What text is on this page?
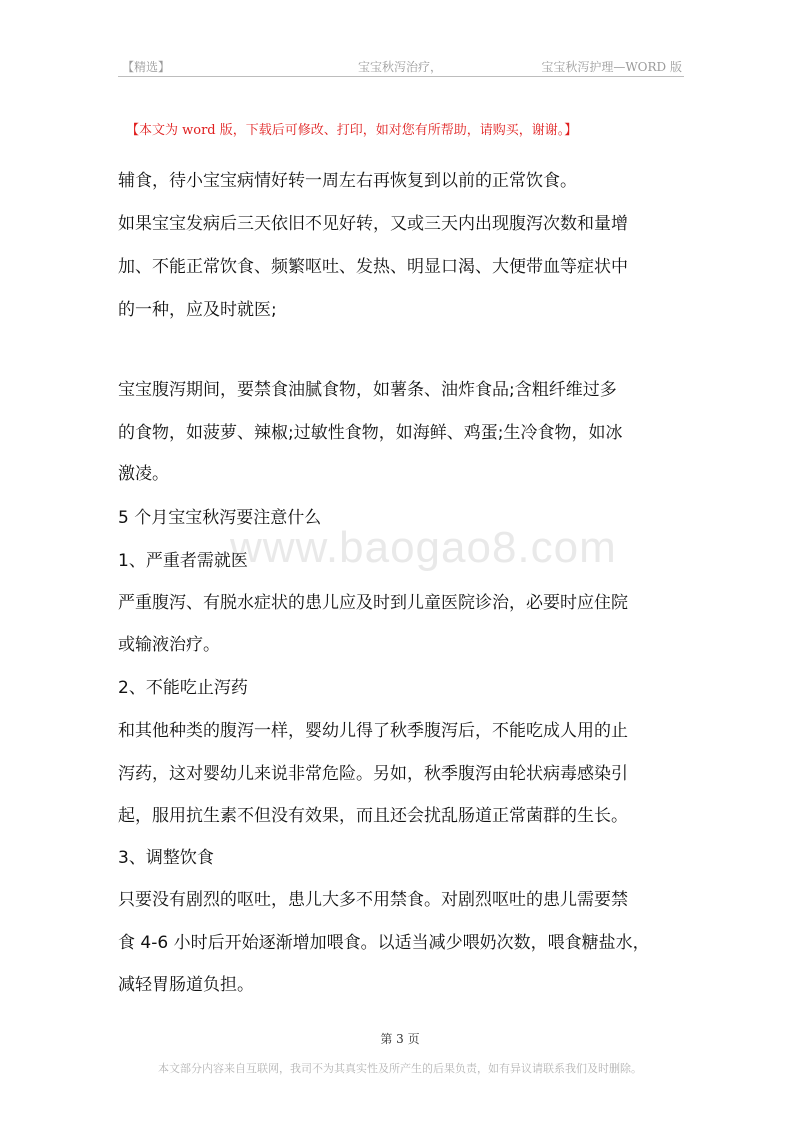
【精选】	宝宝秋泻治疗，	宝宝秋泻护理—WORD 版
【本文为 word 版，下载后可修改、打印，如对您有所帮助，请购买，谢谢。】
www.baogao8.com
辅食，待小宝宝病情好转一周左右再恢复到以前的正常饮食。
如果宝宝发病后三天依旧不见好转，又或三天内出现腹泻次数和量增
加、不能正常饮食、频繁呕吐、发热、明显口渴、大便带血等症状中
的一种，应及时就医;
宝宝腹泻期间，要禁食油腻食物，如薯条、油炸食品;含粗纤维过多
的食物，如菠萝、辣椒;过敏性食物，如海鲜、鸡蛋;生冷食物，如冰
激凌。
5 个月宝宝秋泻要注意什么
1、严重者需就医
严重腹泻、有脱水症状的患儿应及时到儿童医院诊治，必要时应住院
或输液治疗。
2、不能吃止泻药
和其他种类的腹泻一样，婴幼儿得了秋季腹泻后，不能吃成人用的止
泻药，这对婴幼儿来说非常危险。另如，秋季腹泻由轮状病毒感染引
起，服用抗生素不但没有效果，而且还会扰乱肠道正常菌群的生长。
3、调整饮食
只要没有剧烈的呕吐，患儿大多不用禁食。对剧烈呕吐的患儿需要禁
食 4-6 小时后开始逐渐增加喂食。以适当减少喂奶次数，喂食糖盐水，
减轻胃肠道负担。
第 3 页
本文部分内容来自互联网，我司不为其真实性及所产生的后果负责，如有异议请联系我们及时删除。
